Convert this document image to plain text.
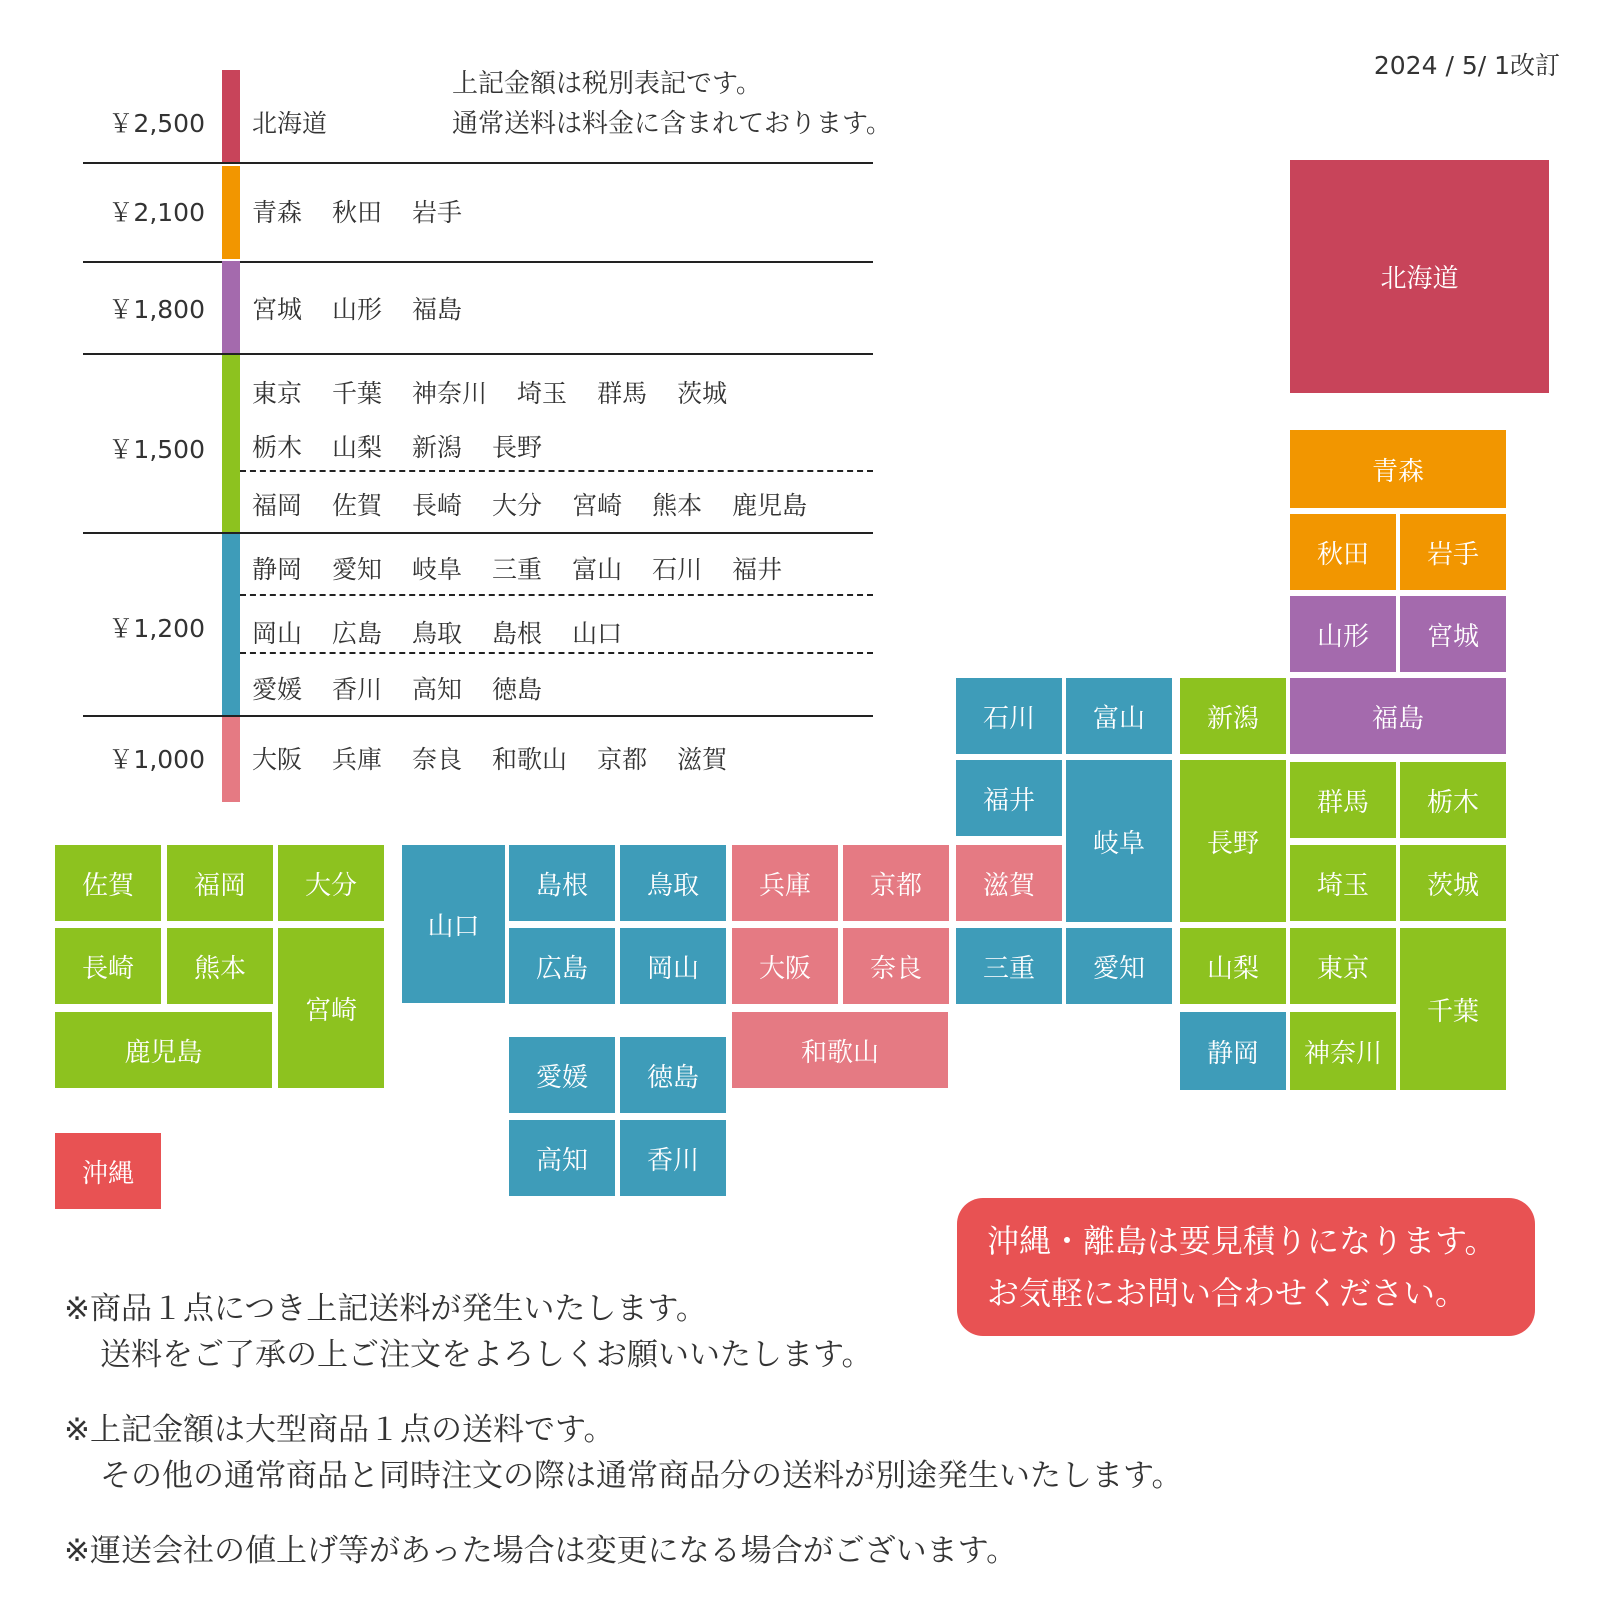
2024 / 5/ 1改訂
上記金額は税別表記です。
通常送料は料金に含まれております。
￥2,500 北海道
￥2,100 青森 秋田 岩手
￥1,800 宮城 山形 福島
￥1,500
東京 千葉 神奈川 埼玉 群馬 茨城
栃木 山梨 新潟 長野
福岡 佐賀 長崎 大分 宮崎 熊本 鹿児島
￥1,200
静岡 愛知 岐阜 三重 富山 石川 福井
岡山 広島 鳥取 島根 山口
愛媛 香川 高知 徳島
￥1,000 大阪 兵庫 奈良 和歌山 京都 滋賀
北海道
青森
秋田	岩手
山形	宮城
福島
新潟
長野
群馬	栃木
埼玉	茨城
山梨	東京
千葉
神奈川
石川	富山
福井
岐阜
滋賀
三重	愛知
静岡
兵庫	京都
大阪	奈良
和歌山
山口
島根	鳥取
広島	岡山
愛媛	徳島
高知	香川
佐賀	福岡	大分
長崎	熊本
宮崎
鹿児島
沖縄
沖縄・離島は要見積りになります。
お気軽にお問い合わせください。
※商品１点につき上記送料が発生いたします。
送料をご了承の上ご注文をよろしくお願いいたします。
※上記金額は大型商品１点の送料です。
その他の通常商品と同時注文の際は通常商品分の送料が別途発生いたします。
※運送会社の値上げ等があった場合は変更になる場合がございます。
